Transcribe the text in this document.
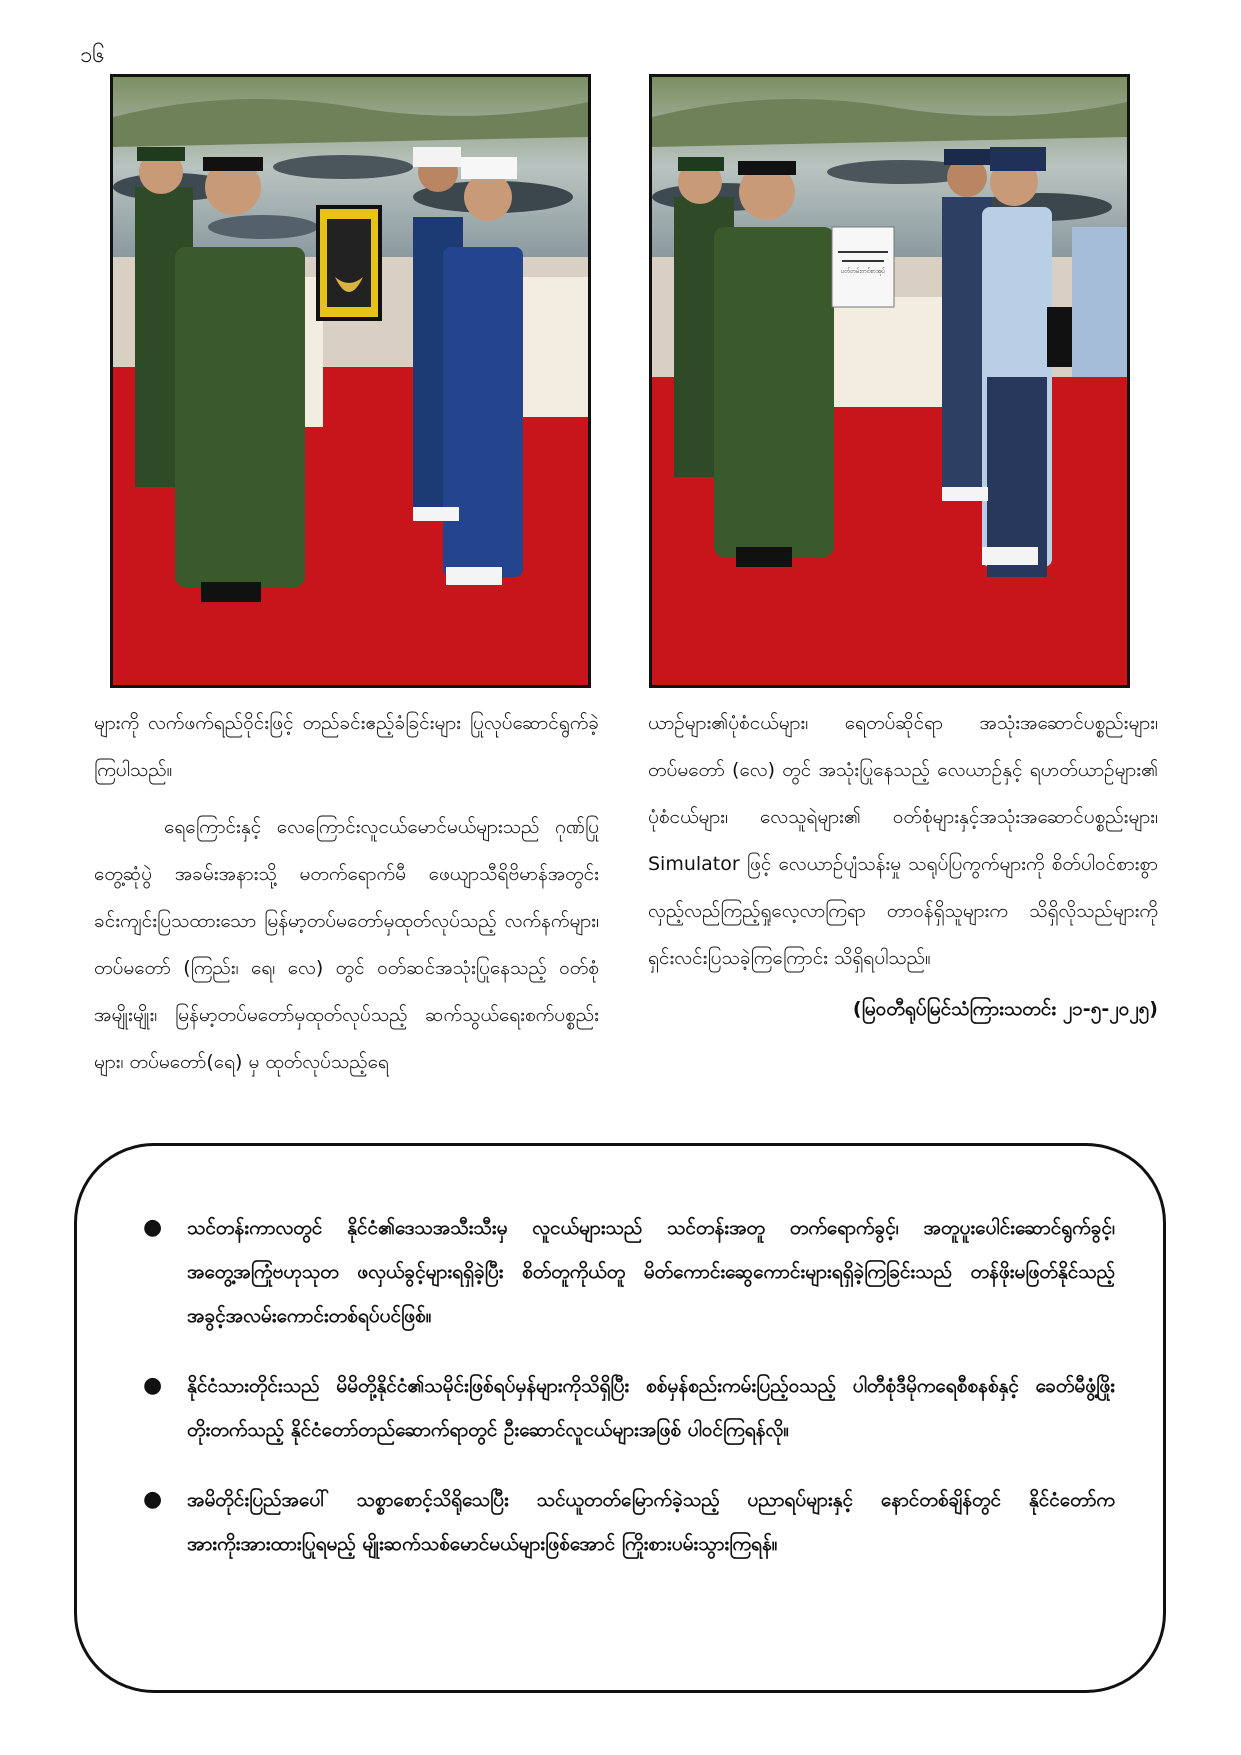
၁၆
ပတ်တမ်းတင်စာအုပ်

များကို လက်ဖက်ရည်ဝိုင်းဖြင့် တည်ခင်းဧည့်ခံခြင်းများ ပြုလုပ်ဆောင်ရွက်ခဲ့ကြပါသည်။

ရေကြောင်းနှင့် လေကြောင်းလူငယ်မောင်မယ်များသည် ဂုဏ်ပြုတွေ့ဆုံပွဲ အခမ်းအနားသို့ မတက်ရောက်မီ ဖေယျာသီရိဗိမာန်အတွင်း ခင်းကျင်းပြသထားသော မြန်မာ့တပ်မတော်မှထုတ်လုပ်သည့် လက်နက်များ၊ တပ်မတော် (ကြည်း၊ ရေ၊ လေ) တွင် ဝတ်ဆင်အသုံးပြုနေသည့် ဝတ်စုံအမျိုးမျိုး၊ မြန်မာ့တပ်မတော်မှထုတ်လုပ်သည့် ဆက်သွယ်ရေးစက်ပစ္စည်းများ၊ တပ်မတော်(ရေ) မှ ထုတ်လုပ်သည့်ရေ

ယာဉ်များ၏ပုံစံငယ်များ၊ ရေတပ်ဆိုင်ရာ အသုံးအဆောင်ပစ္စည်းများ၊ တပ်မတော် (လေ) တွင် အသုံးပြုနေသည့် လေယာဉ်နှင့် ရဟတ်ယာဉ်များ၏ ပုံစံငယ်များ၊ လေသူရဲများ၏ ဝတ်စုံများနှင့်အသုံးအဆောင်ပစ္စည်းများ၊ Simulator ဖြင့် လေယာဉ်ပျံသန်းမှု သရုပ်ပြကွက်များကို စိတ်ပါဝင်စားစွာ လှည့်လည်ကြည့်ရှုလေ့လာကြရာ တာဝန်ရှိသူများက သိရှိလိုသည်များကို ရှင်းလင်းပြသခဲ့ကြကြောင်း သိရှိရပါသည်။

(မြဝတီရုပ်မြင်သံကြားသတင်း ၂၁-၅-၂၀၂၅)
● သင်တန်းကာလတွင် နိုင်ငံ၏ဒေသအသီးသီးမှ လူငယ်များသည် သင်တန်းအတူ တက်ရောက်ခွင့်၊ အတူပူးပေါင်းဆောင်ရွက်ခွင့်၊ အတွေ့အကြုံဗဟုသုတ ဖလှယ်ခွင့်များရရှိခဲ့ပြီး စိတ်တူကိုယ်တူ မိတ်ကောင်းဆွေကောင်းများရရှိခဲ့ကြခြင်းသည် တန်ဖိုးမဖြတ်နိုင်သည့် အခွင့်အလမ်းကောင်းတစ်ရပ်ပင်ဖြစ်။
● နိုင်ငံသားတိုင်းသည် မိမိတို့နိုင်ငံ၏သမိုင်းဖြစ်ရပ်မှန်များကိုသိရှိပြီး စစ်မှန်စည်းကမ်းပြည့်ဝသည့် ပါတီစုံဒီမိုကရေစီစနစ်နှင့် ခေတ်မီဖွံ့ဖြိုးတိုးတက်သည့် နိုင်ငံတော်တည်ဆောက်ရာတွင် ဦးဆောင်လူငယ်များအဖြစ် ပါဝင်ကြရန်လို။
● အမိတိုင်းပြည်အပေါ် သစ္စာစောင့်သိရိုသေပြီး သင်ယူတတ်မြောက်ခဲ့သည့် ပညာရပ်များနှင့် နောင်တစ်ချိန်တွင် နိုင်ငံတော်က အားကိုးအားထားပြုရမည့် မျိုးဆက်သစ်မောင်မယ်များဖြစ်အောင် ကြိုးစားပမ်းသွားကြရန်။
